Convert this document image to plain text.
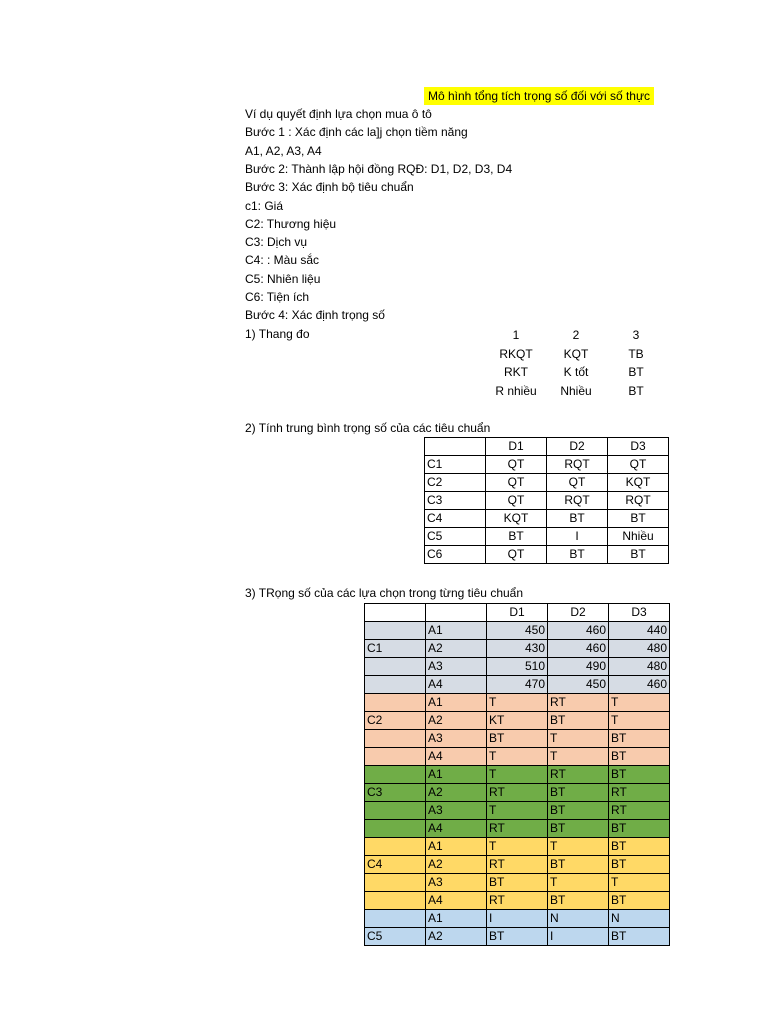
Mô hình tổng tích trọng số đối với số thực
Ví dụ quyết định lựa chọn mua ô tô
Bước 1 : Xác định các la]j chọn tiềm năng
A1, A2, A3, A4
Bước 2: Thành lập hội đồng RQĐ: D1, D2, D3, D4
Bước 3: Xác định bộ tiêu chuẩn
c1: Giá
C2: Thương hiệu
C3: Dịch vụ
C4: : Màu sắc
C5: Nhiên liệu
C6: Tiện ích
Bước 4: Xác định trọng số
1) Thang đo	1	2	3
RKQT	KQT	TB
RKT	K tốt	BT
R nhiều	Nhiều	BT
2) Tính trung bình trọng số của các tiêu chuẩn
	D1	D2	D3
C1	QT	RQT	QT
C2	QT	QT	KQT
C3	QT	RQT	RQT
C4	KQT	BT	BT
C5	BT	I	Nhiều
C6	QT	BT	BT
3) TRọng số của các lựa chọn trong từng tiêu chuẩn
		D1	D2	D3
	A1	450	460	440
C1	A2	430	460	480
	A3	510	490	480
	A4	470	450	460
	A1	T	RT	T
C2	A2	KT	BT	T
	A3	BT	T	BT
	A4	T	T	BT
	A1	T	RT	BT
C3	A2	RT	BT	RT
	A3	T	BT	RT
	A4	RT	BT	BT
	A1	T	T	BT
C4	A2	RT	BT	BT
	A3	BT	T	T
	A4	RT	BT	BT
	A1	I	N	N
C5	A2	BT	I	BT
